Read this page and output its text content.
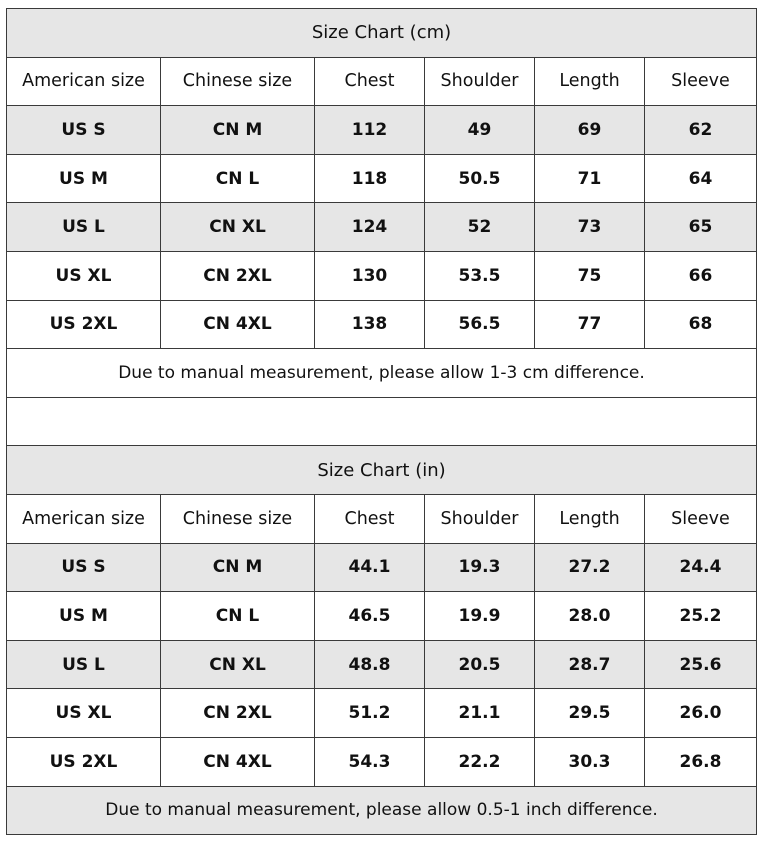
Size Chart (cm)					
American size	Chinese size	Chest	Shoulder	Length	Sleeve
US S	CN M	112	49	69	62
US M	CN L	118	50.5	71	64
US L	CN XL	124	52	73	65
US XL	CN 2XL	130	53.5	75	66
US 2XL	CN 4XL	138	56.5	77	68
Due to manual measurement, please allow 1-3 cm difference.					

Size Chart (in)					
American size	Chinese size	Chest	Shoulder	Length	Sleeve
US S	CN M	44.1	19.3	27.2	24.4
US M	CN L	46.5	19.9	28.0	25.2
US L	CN XL	48.8	20.5	28.7	25.6
US XL	CN 2XL	51.2	21.1	29.5	26.0
US 2XL	CN 4XL	54.3	22.2	30.3	26.8
Due to manual measurement, please allow 0.5-1 inch difference.					
